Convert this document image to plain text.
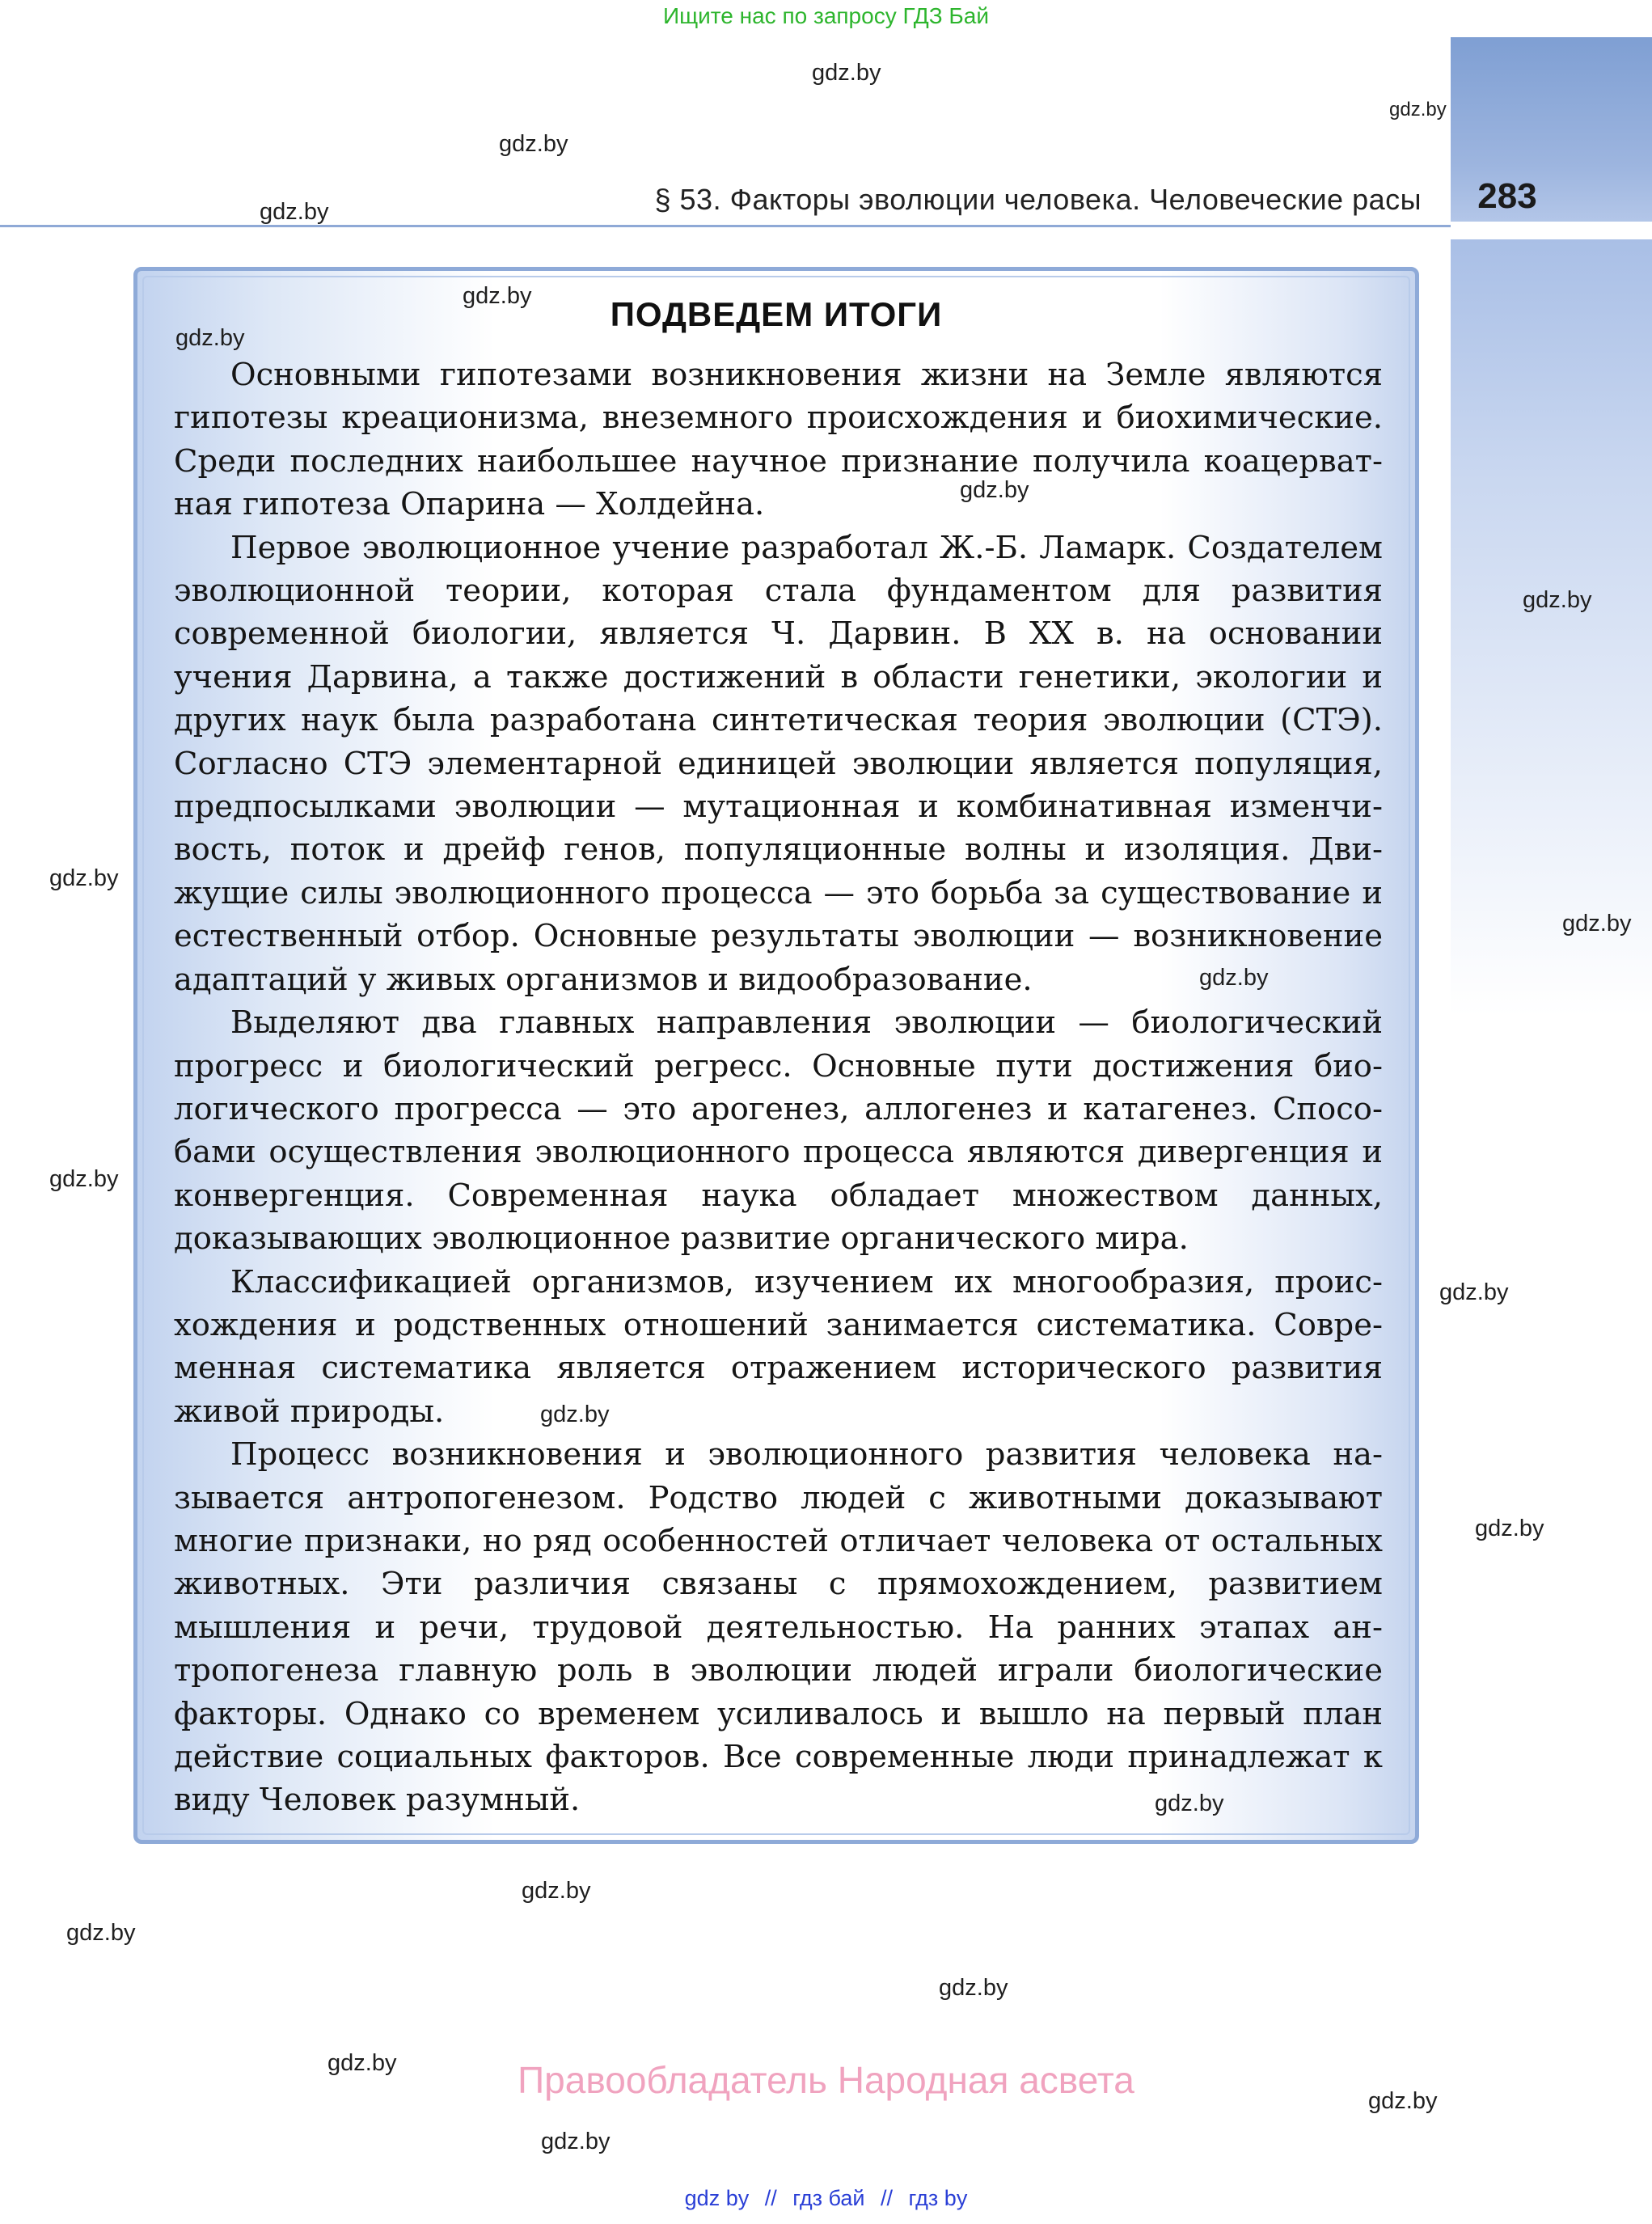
Ищите нас по запросу ГДЗ Бай
§ 53. Факторы эволюции человека. Человеческие расы	283
ПОДВЕДЕМ ИТОГИ

Основными гипотезами возникновения жизни на Земле являются гипотезы креационизма, внеземного происхождения и биохимические. Среди последних наибольшее научное признание получила коацерватная гипотеза Опарина — Холдейна.

Первое эволюционное учение разработал Ж.-Б. Ламарк. Создателем эволюционной теории, которая стала фундаментом для развития современной биологии, является Ч. Дарвин. В XX в. на основании учения Дарвина, а также достижений в области генетики, экологии и других наук была разработана синтетическая теория эволюции (СТЭ). Согласно СТЭ элементарной единицей эволюции является популяция, предпосылками эволюции — мутационная и комбинативная изменчивость, поток и дрейф генов, популяционные волны и изоляция. Движущие силы эволюционного процесса — это борьба за существование и естественный отбор. Основные результаты эволюции — возникновение адаптаций у живых организмов и видообразование.

Выделяют два главных направления эволюции — биологический прогресс и биологический регресс. Основные пути достижения биологического прогресса — это арогенез, аллогенез и катагенез. Способами осуществления эволюционного процесса являются дивергенция и конвергенция. Современная наука обладает множеством данных, доказывающих эволюционное развитие органического мира.

Классификацией организмов, изучением их многообразия, происхождения и родственных отношений занимается систематика. Современная систематика является отражением исторического развития живой природы.

Процесс возникновения и эволюционного развития человека называется антропогенезом. Родство людей с животными доказывают многие признаки, но ряд особенностей отличает человека от остальных животных. Эти различия связаны с прямохождением, развитием мышления и речи, трудовой деятельностью. На ранних этапах антропогенеза главную роль в эволюции людей играли биологические факторы. Однако со временем усиливалось и вышло на первый план действие социальных факторов. Все современные люди принадлежат к виду Человек разумный.

gdz.by
gdz.by
gdz.by
gdz.by
gdz.by
gdz.by
gdz.by
gdz.by
gdz.by
gdz.by
gdz.by
gdz.by
gdz.by
gdz.by
gdz.by
gdz.by
gdz.by
gdz.by
gdz.by
gdz.by
gdz.by
gdz.by
Правообладатель Народная асвета
gdz by // гдз бай // гдз by
